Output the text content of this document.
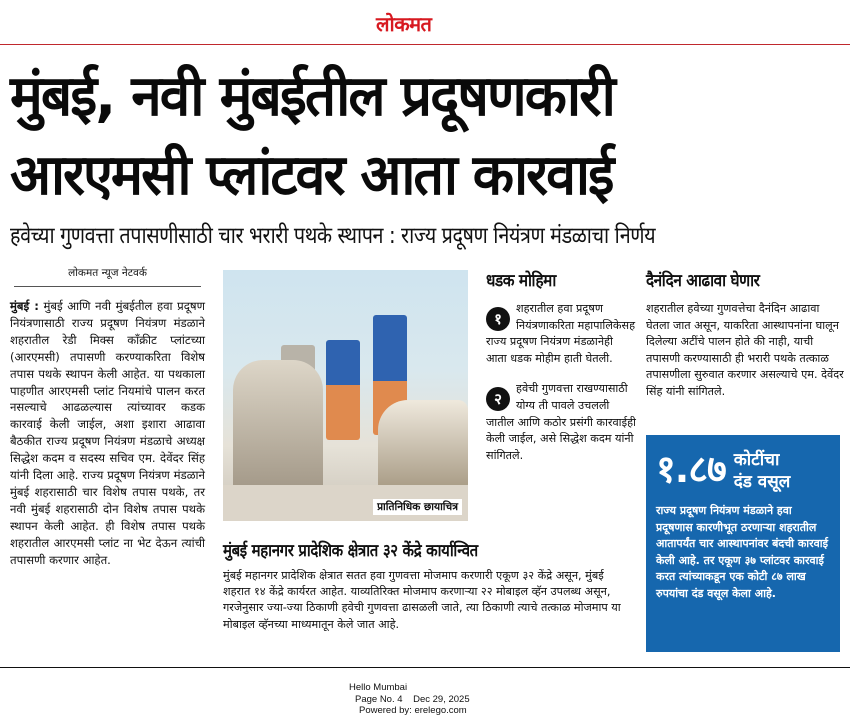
लोकमत
मुंबई, नवी मुंबईतील प्रदूषणकारी
आरएमसी प्लांटवर आता कारवाई
हवेच्या गुणवत्ता तपासणीसाठी चार भरारी पथके स्थापन : राज्य प्रदूषण नियंत्रण मंडळाचा निर्णय
लोकमत न्यूज नेटवर्क

मुंबई : मुंबई आणि नवी मुंबईतील हवा प्रदूषण नियंत्रणासाठी राज्य प्रदूषण नियंत्रण मंडळाने शहरातील रेडी मिक्स कॉंक्रीट प्लांटच्या (आरएमसी) तपासणी करण्याकरिता विशेष तपास पथके स्थापन केली आहेत. या पथकाला पाहणीत आरएमसी प्लांट नियमांचे पालन करत नसल्याचे आढळल्यास त्यांच्यावर कडक कारवाई केली जाईल, अशा इशारा आढावा बैठकीत राज्य प्रदूषण नियंत्रण मंडळाचे अध्यक्ष सिद्धेश कदम व सदस्य सचिव एम. देवेंदर सिंह यांनी दिला आहे. राज्य प्रदूषण नियंत्रण मंडळाने मुंबई शहरासाठी चार विशेष तपास पथके, तर नवी मुंबई शहरासाठी दोन विशेष तपास पथके स्थापन केली आहेत. ही विशेष तपास पथके शहरातील आरएमसी प्लांट ना भेट देऊन त्यांची तपासणी करणार आहेत.

प्रातिनिधिक छायाचित्र
धडक मोहिमा
१
शहरातील हवा प्रदूषण नियंत्रणाकरिता महापालिकेसह राज्य प्रदूषण नियंत्रण मंडळानेही आता धडक मोहीम हाती घेतली.
२
हवेची गुणवत्ता राखण्यासाठी योग्य ती पावले उचलली जातील आणि कठोर प्रसंगी कारवाईही केली जाईल, असे सिद्धेश कदम यांनी सांगितले.
दैनंदिन आढावा घेणार
शहरातील हवेच्या गुणवत्तेचा दैनंदिन आढावा घेतला जात असून, याकरिता आस्थापनांना घालून दिलेल्या अटींचे पालन होते की नाही, याची तपासणी करण्यासाठी ही भरारी पथके तत्काळ तपासणीला सुरुवात करणार असल्याचे एम. देवेंदर सिंह यांनी सांगितले.
१.८७ कोटींचा
दंड वसूल
राज्य प्रदूषण नियंत्रण मंडळाने हवा प्रदूषणास कारणीभूत ठरणाऱ्या शहरातील आतापर्यंत चार आस्थापनांवर बंदची कारवाई केली आहे. तर एकूण ३७ प्लांटवर कारवाई करत त्यांच्याकडून एक कोटी ८७ लाख रुपयांचा दंड वसूल केला आहे.
मुंबई महानगर प्रादेशिक क्षेत्रात ३२ केंद्रे कार्यान्वित
मुंबई महानगर प्रादेशिक क्षेत्रात सतत हवा गुणवत्ता मोजमाप करणारी एकूण ३२ केंद्रे असून, मुंबई शहरात १४ केंद्रे कार्यरत आहेत. याव्यतिरिक्त मोजमाप करणाऱ्या २२ मोबाइल व्हॅन उपलब्ध असून, गरजेनुसार ज्या-ज्या ठिकाणी हवेची गुणवत्ता ढासळली जाते, त्या ठिकाणी त्याचे तत्काळ मोजमाप या मोबाइल व्हॅनच्या माध्यमातून केले जात आहे.
Hello Mumbai
Page No. 4    Dec 29, 2025
Powered by: erelego.com
